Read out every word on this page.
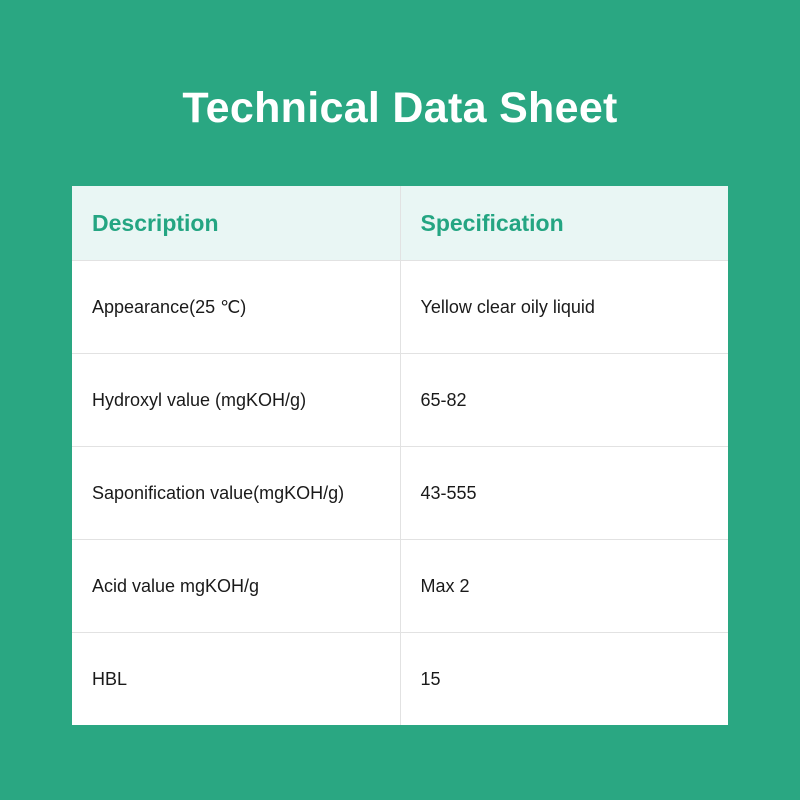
Technical Data Sheet
Description	Specification
Appearance(25 ℃)	Yellow clear oily liquid
Hydroxyl value (mgKOH/g)	65-82
Saponification value(mgKOH/g)	43-555
Acid value mgKOH/g	Max 2
HBL	15
